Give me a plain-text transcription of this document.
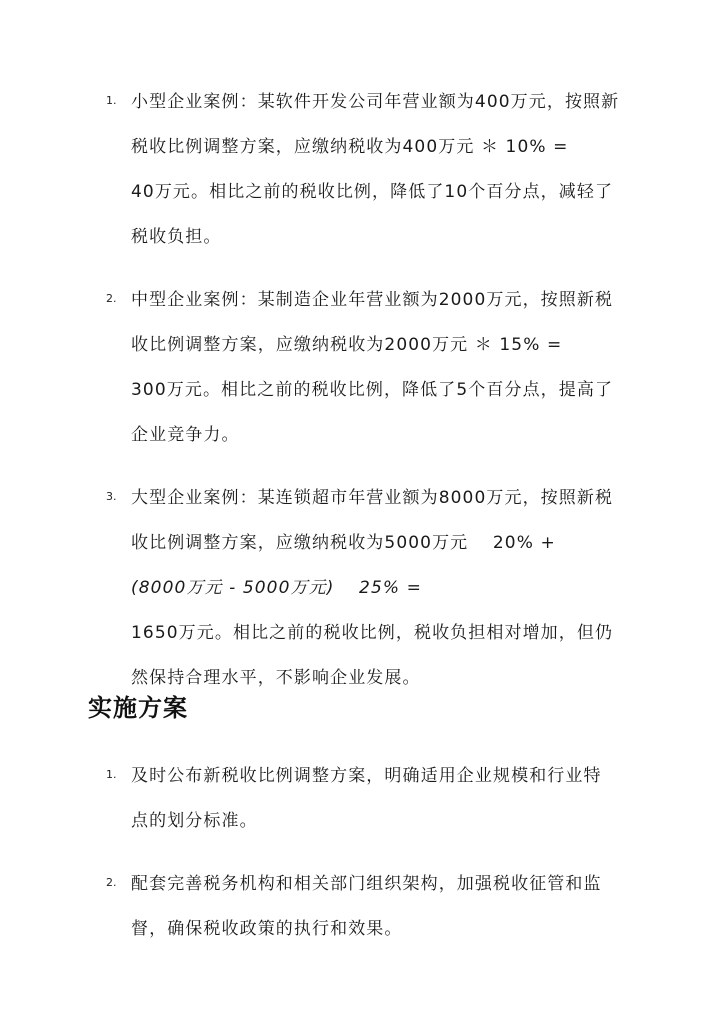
1. 小型企业案例：某软件开发公司年营业额为400万元，按照新
税收比例调整方案，应缴纳税收为400万元 ＊ 10% =
40万元。相比之前的税收比例，降低了10个百分点，减轻了
税收负担。
2. 中型企业案例：某制造企业年营业额为2000万元，按照新税
收比例调整方案，应缴纳税收为2000万元 ＊ 15% =
300万元。相比之前的税收比例，降低了5个百分点，提高了
企业竞争力。
3. 大型企业案例：某连锁超市年营业额为8000万元，按照新税
收比例调整方案，应缴纳税收为5000万元　 20% +
(8000万元 - 5000万元)　 25% =
1650万元。相比之前的税收比例，税收负担相对增加，但仍
然保持合理水平，不影响企业发展。
实施方案
1. 及时公布新税收比例调整方案，明确适用企业规模和行业特
点的划分标准。
2. 配套完善税务机构和相关部门组织架构，加强税收征管和监
督，确保税收政策的执行和效果。
